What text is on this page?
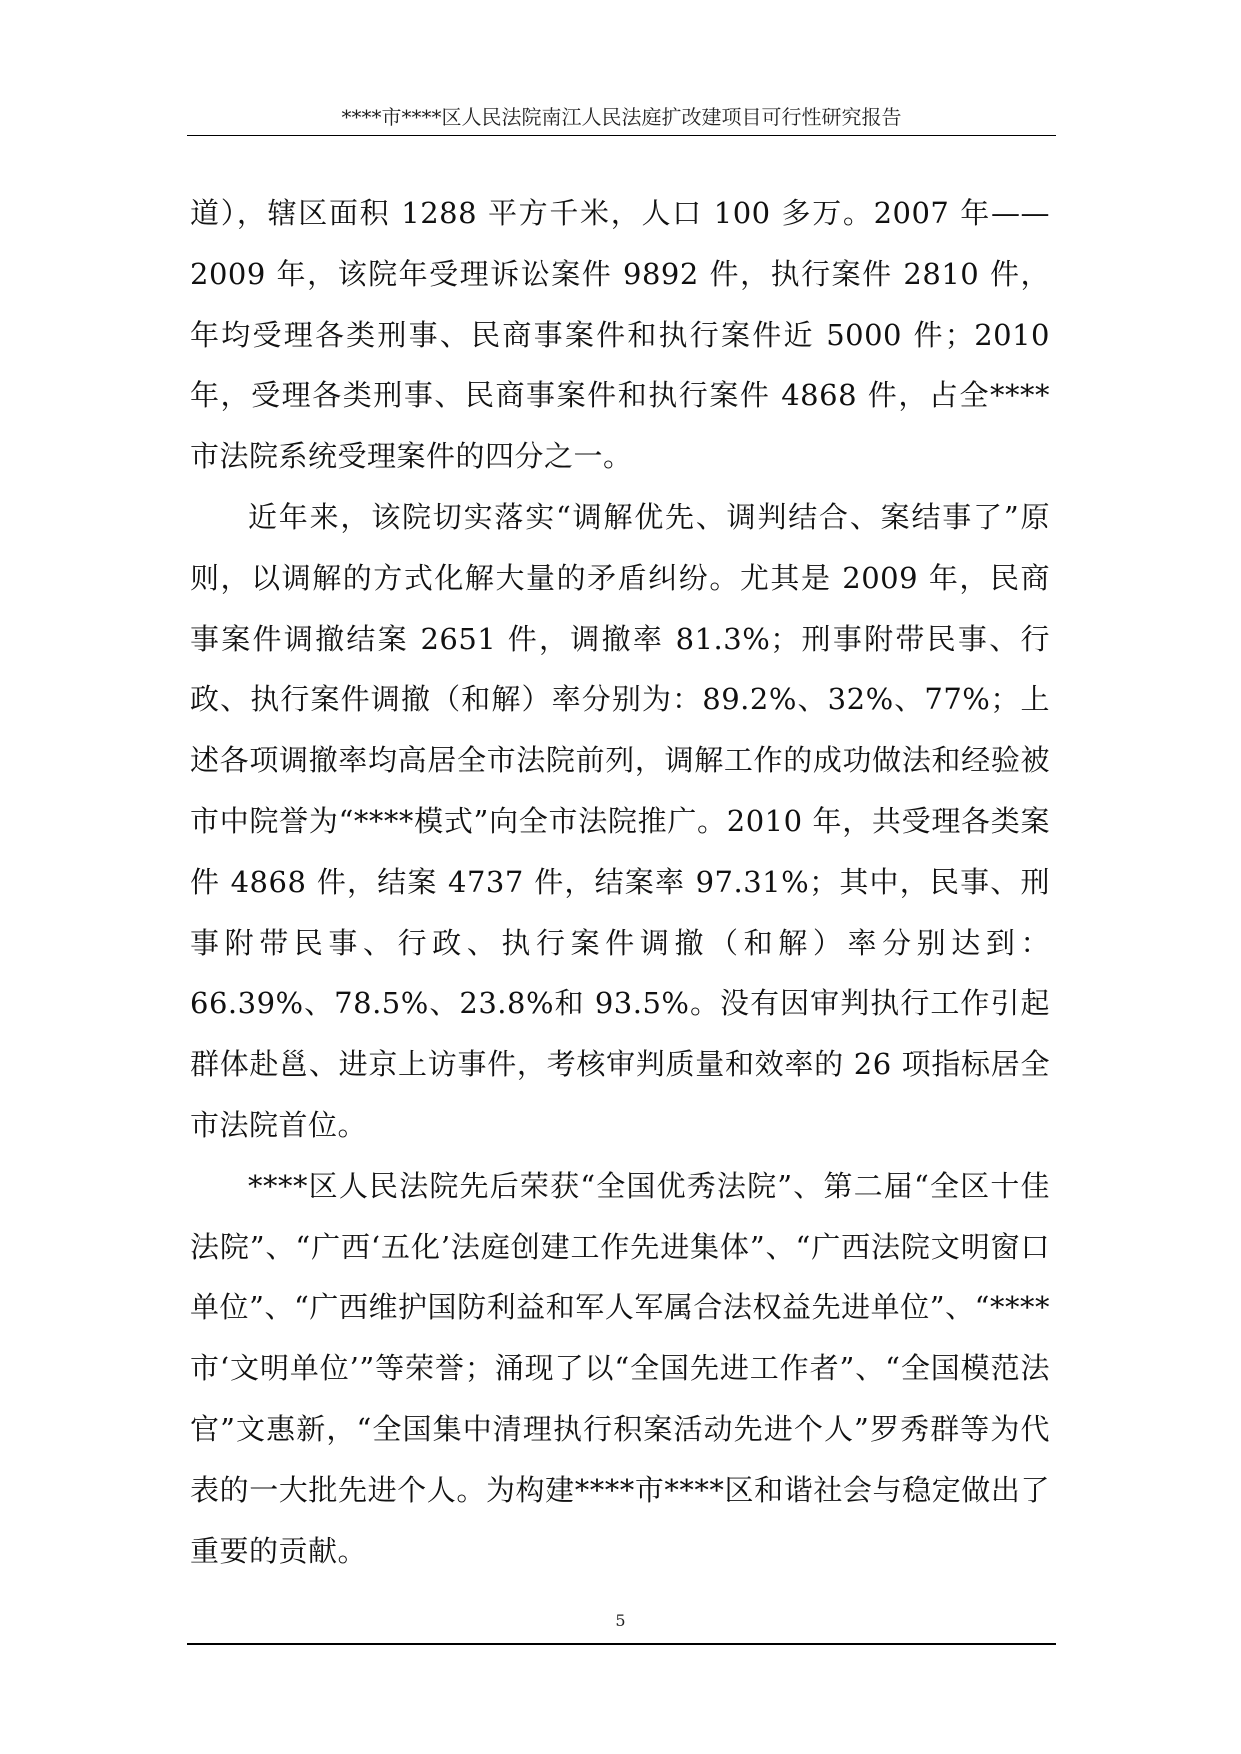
****市****区人民法院南江人民法庭扩改建项目可行性研究报告

道），辖区面积 1288 平方千米，人口 100 多万。2007 年——2009 年，该院年受理诉讼案件 9892 件，执行案件 2810 件，年均受理各类刑事、民商事案件和执行案件近 5000 件；2010 年，受理各类刑事、民商事案件和执行案件 4868 件，占全****市法院系统受理案件的四分之一。

近年来，该院切实落实“调解优先、调判结合、案结事了”原则，以调解的方式化解大量的矛盾纠纷。尤其是 2009 年，民商事案件调撤结案 2651 件，调撤率 81.3%；刑事附带民事、行政、执行案件调撤（和解）率分别为：89.2%、32%、77%；上述各项调撤率均高居全市法院前列，调解工作的成功做法和经验被市中院誉为“****模式”向全市法院推广。2010 年，共受理各类案件 4868 件，结案 4737 件，结案率 97.31%；其中，民事、刑事附带民事、行政、执行案件调撤（和解）率分别达到：66.39%、78.5%、23.8%和 93.5%。没有因审判执行工作引起群体赴邕、进京上访事件，考核审判质量和效率的 26 项指标居全市法院首位。

****区人民法院先后荣获“全国优秀法院”、第二届“全区十佳法院”、“广西‘五化’法庭创建工作先进集体”、“广西法院文明窗口单位”、“广西维护国防利益和军人军属合法权益先进单位”、“****市‘文明单位’”等荣誉；涌现了以“全国先进工作者”、“全国模范法官”文惠新，“全国集中清理执行积案活动先进个人”罗秀群等为代表的一大批先进个人。为构建****市****区和谐社会与稳定做出了重要的贡献。

5
